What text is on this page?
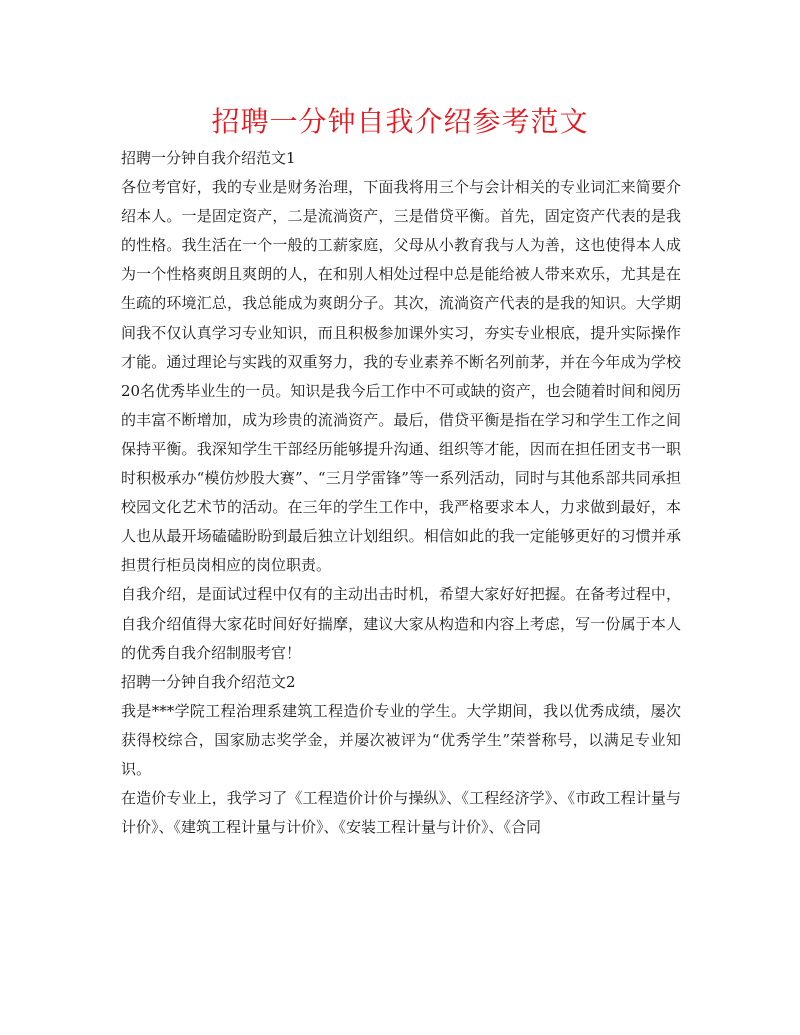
招聘一分钟自我介绍参考范文

招聘一分钟自我介绍范文1

各位考官好，我的专业是财务治理，下面我将用三个与会计相关的专业词汇来简要介绍本人。一是固定资产，二是流淌资产，三是借贷平衡。首先，固定资产代表的是我的性格。我生活在一个一般的工薪家庭，父母从小教育我与人为善，这也使得本人成为一个性格爽朗且爽朗的人，在和别人相处过程中总是能给被人带来欢乐，尤其是在生疏的环境汇总，我总能成为爽朗分子。其次，流淌资产代表的是我的知识。大学期间我不仅认真学习专业知识，而且积极参加课外实习，夯实专业根底，提升实际操作才能。通过理论与实践的双重努力，我的专业素养不断名列前茅，并在今年成为学校20名优秀毕业生的一员。知识是我今后工作中不可或缺的资产，也会随着时间和阅历的丰富不断增加，成为珍贵的流淌资产。最后，借贷平衡是指在学习和学生工作之间保持平衡。我深知学生干部经历能够提升沟通、组织等才能，因而在担任团支书一职时积极承办“模仿炒股大赛”、“三月学雷锋”等一系列活动，同时与其他系部共同承担校园文化艺术节的活动。在三年的学生工作中，我严格要求本人，力求做到最好，本人也从最开场磕磕盼盼到最后独立计划组织。相信如此的我一定能够更好的习惯并承担贯行柜员岗相应的岗位职责。

自我介绍，是面试过程中仅有的主动出击时机，希望大家好好把握。在备考过程中，自我介绍值得大家花时间好好揣摩，建议大家从构造和内容上考虑，写一份属于本人的优秀自我介绍制服考官！

招聘一分钟自我介绍范文2

我是***学院工程治理系建筑工程造价专业的学生。大学期间，我以优秀成绩，屡次获得校综合，国家励志奖学金，并屡次被评为“优秀学生”荣誉称号，以满足专业知识。

在造价专业上，我学习了《工程造价计价与操纵》、《工程经济学》、《市政工程计量与计价》、《建筑工程计量与计价》、《安装工程计量与计价》、《合同
